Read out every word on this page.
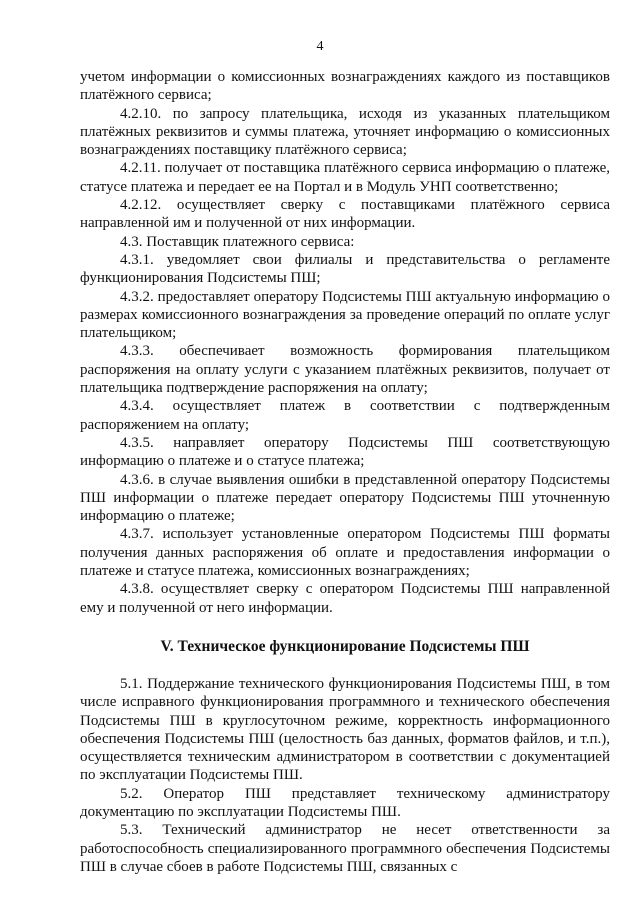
4

учетом информации о комиссионных вознаграждениях каждого из поставщиков платёжного сервиса;

4.2.10. по запросу плательщика, исходя из указанных плательщиком платёжных реквизитов и суммы платежа, уточняет информацию о комиссионных вознаграждениях поставщику платёжного сервиса;

4.2.11. получает от поставщика платёжного сервиса информацию о платеже, статусе платежа и передает ее на Портал и в Модуль УНП соответственно;

4.2.12. осуществляет сверку с поставщиками платёжного сервиса направленной им и полученной от них информации.

4.3. Поставщик платежного сервиса:

4.3.1. уведомляет свои филиалы и представительства о регламенте функционирования Подсистемы ПШ;

4.3.2. предоставляет оператору Подсистемы ПШ актуальную информацию о размерах комиссионного вознаграждения за проведение операций по оплате услуг плательщиком;

4.3.3. обеспечивает возможность формирования плательщиком распоряжения на оплату услуги с указанием платёжных реквизитов, получает от плательщика подтверждение распоряжения на оплату;

4.3.4. осуществляет платеж в соответствии с подтвержденным распоряжением на оплату;

4.3.5. направляет оператору Подсистемы ПШ соответствующую информацию о платеже и о статусе платежа;

4.3.6. в случае выявления ошибки в представленной оператору Подсистемы ПШ информации о платеже передает оператору Подсистемы ПШ уточненную информацию о платеже;

4.3.7. использует установленные оператором Подсистемы ПШ форматы получения данных распоряжения об оплате и предоставления информации о платеже и статусе платежа, комиссионных вознаграждениях;

4.3.8. осуществляет сверку с оператором Подсистемы ПШ направленной ему и полученной от него информации.

V. Техническое функционирование Подсистемы ПШ

5.1. Поддержание технического функционирования Подсистемы ПШ, в том числе исправного функционирования программного и технического обеспечения Подсистемы ПШ в круглосуточном режиме, корректность информационного обеспечения Подсистемы ПШ (целостность баз данных, форматов файлов, и т.п.), осуществляется техническим администратором в соответствии с документацией по эксплуатации Подсистемы ПШ.

5.2. Оператор ПШ представляет техническому администратору документацию по эксплуатации Подсистемы ПШ.

5.3. Технический администратор не несет ответственности за работоспособность специализированного программного обеспечения Подсистемы ПШ в случае сбоев в работе Подсистемы ПШ, связанных с
